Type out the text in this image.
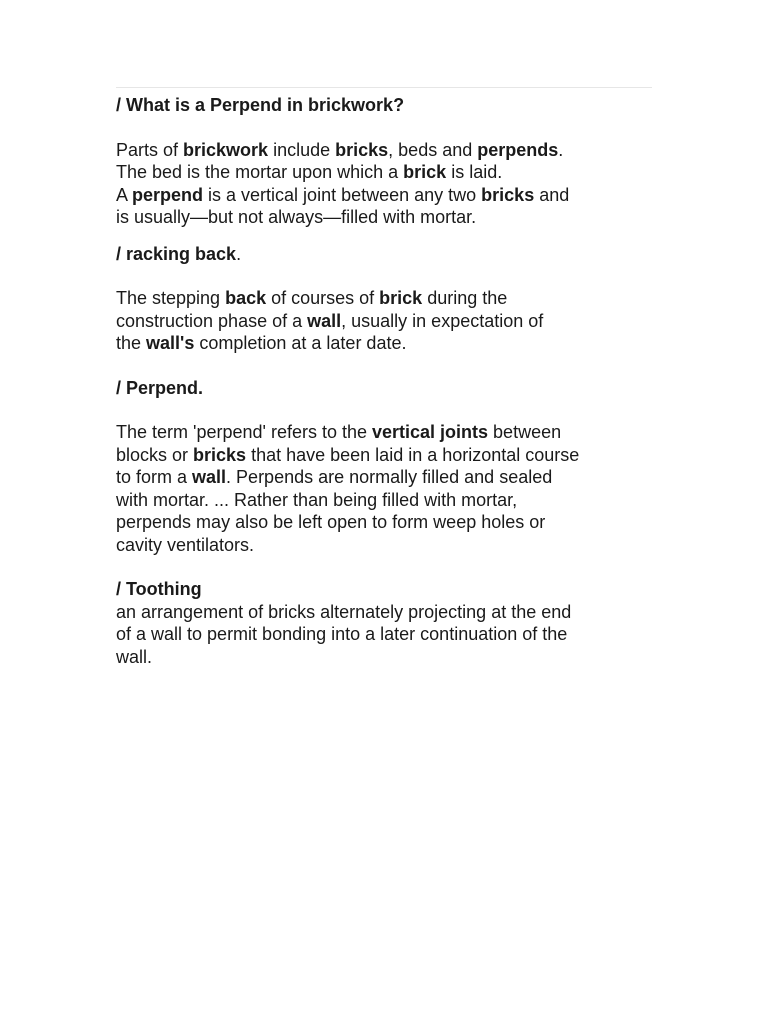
/ What is a Perpend in brickwork?

Parts of brickwork include bricks, beds and perpends.

The bed is the mortar upon which a brick is laid.

A perpend is a vertical joint between any two bricks and

is usually—but not always—filled with mortar.

/ racking back.

The stepping back of courses of brick during the

construction phase of a wall, usually in expectation of

the wall's completion at a later date.

/ Perpend.

The term 'perpend' refers to the vertical joints between

blocks or bricks that have been laid in a horizontal course

to form a wall. Perpends are normally filled and sealed

with mortar. ... Rather than being filled with mortar,

perpends may also be left open to form weep holes or

cavity ventilators.

/ Toothing

an arrangement of bricks alternately projecting at the end

of a wall to permit bonding into a later continuation of the

wall.
